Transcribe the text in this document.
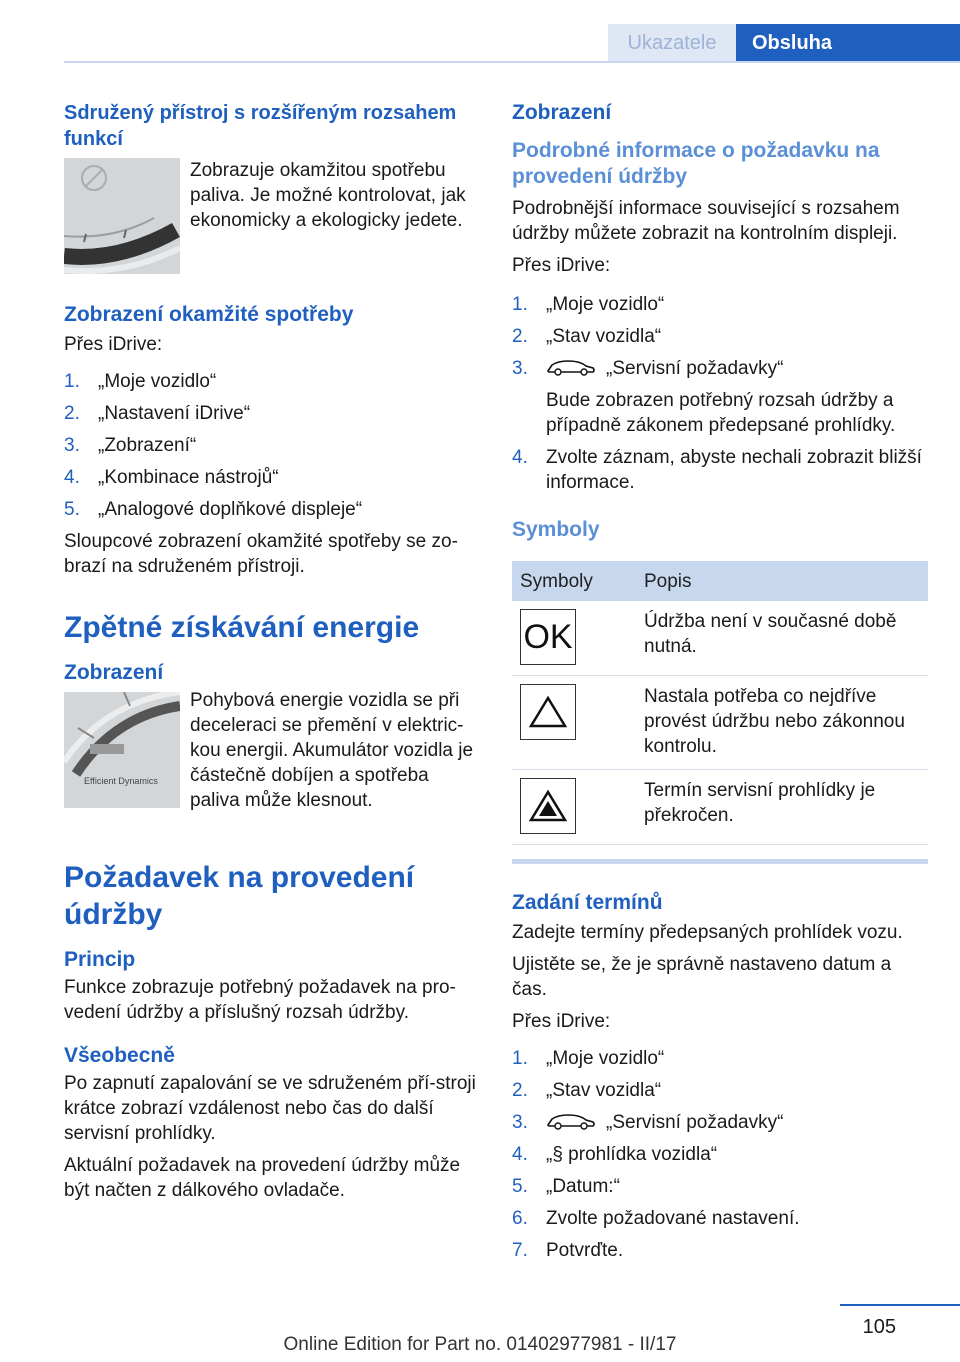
Ukazatele	Obsluha
Sdružený přístroj s rozšířeným rozsahem funkcí

Zobrazuje okamžitou spotřebu paliva. Je možné kontrolovat, jak ekonomicky a ekologicky jedete.

Zobrazení okamžité spotřeby

Přes iDrive:

1. „Moje vozidlo“
2. „Nastavení iDrive“
3. „Zobrazení“
4. „Kombinace nástrojů“
5. „Analogové doplňkové displeje“

Sloupcové zobrazení okamžité spotřeby se zo-brazí na sdruženém přístroji.

Zpětné získávání energie
Zobrazení
Efficient Dynamics

Pohybová energie vozidla se při deceleraci se přemění v elektric-kou energii. Akumulátor vozidla je částečně dobíjen a spotřeba paliva může klesnout.

Požadavek na provedení údržby
Princip

Funkce zobrazuje potřebný požadavek na pro-vedení údržby a příslušný rozsah údržby.

Všeobecně

Po zapnutí zapalování se ve sdruženém pří-stroji krátce zobrazí vzdálenost nebo čas do další servisní prohlídky.

Aktuální požadavek na provedení údržby může být načten z dálkového ovladače.

Zobrazení
Podrobné informace o požadavku na provedení údržby

Podrobnější informace související s rozsahem údržby můžete zobrazit na kontrolním displeji.

Přes iDrive:

1. „Moje vozidlo“
2. „Stav vozidla“
3.	„Servisní požadavky“

Bude zobrazen potřebný rozsah údržby a případně zákonem předepsané prohlídky.
4. Zvolte záznam, abyste nechali zobrazit bližší informace.
Symboly
Symboly	Popis

OK	Údržba není v současné době nutná.

	Nastala potřeba co nejdříve provést údržbu nebo zákonnou kontrolu.

	Termín servisní prohlídky je překročen.
Zadání termínů

Zadejte termíny předepsaných prohlídek vozu.

Ujistěte se, že je správně nastaveno datum a čas.

Přes iDrive:

1. „Moje vozidlo“
2. „Stav vozidla“
3.	„Servisní požadavky“
4. „§ prohlídka vozidla“
5. „Datum:“
6. Zvolte požadované nastavení.
7. Potvrďte.
105
Online Edition for Part no. 01402977981 - II/17
